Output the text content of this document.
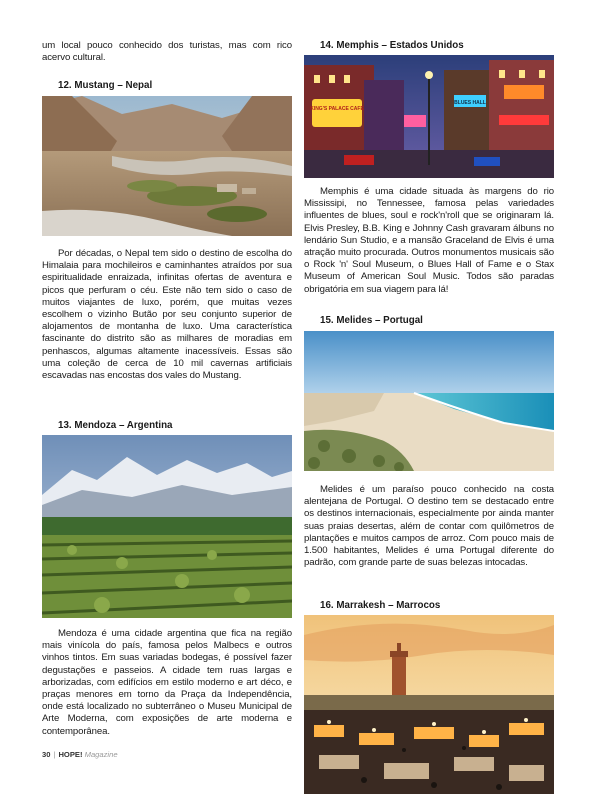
um local pouco conhecido dos turistas, mas com rico acervo cultural.

12. Mustang – Nepal

Por décadas, o Nepal tem sido o destino de escolha do Himalaia para mochileiros e caminhantes atraídos por sua espiritualidade enraizada, infinitas ofertas de aventura e picos que perfuram o céu. Este não tem sido o caso de muitos viajantes de luxo, porém, que muitas vezes escolhem o vizinho Butão por seu conjunto superior de alojamentos de montanha de luxo. Uma característica fascinante do distrito são as milhares de moradias em penhascos, algumas altamente inacessíveis. Essas são uma coleção de cerca de 10 mil cavernas artificiais escavadas nas encostas dos vales do Mustang.

13. Mendoza – Argentina

Mendoza é uma cidade argentina que fica na região mais vinícola do país, famosa pelos Malbecs e outros vinhos tintos. Em suas variadas bodegas, é possível fazer degustações e passeios. A cidade tem ruas largas e arborizadas, com edifícios em estilo moderno e art déco, e praças menores em torno da Praça da Independência, onde está localizado no subterrâneo o Museu Municipal de Arte Moderna, com exposições de arte moderna e contemporânea.

14. Memphis – Estados Unidos
KING'S PALACE CAFE
BLUES HALL

Memphis é uma cidade situada às margens do rio Mississipi, no Tennessee, famosa pelas variedades influentes de blues, soul e rock'n'roll que se originaram lá. Elvis Presley, B.B. King e Johnny Cash gravaram álbuns no lendário Sun Studio, e a mansão Graceland de Elvis é uma atração muito procurada. Outros monumentos musicais são o Rock 'n' Soul Museum, o Blues Hall of Fame e o Stax Museum of American Soul Music. Todos são paradas obrigatória em sua viagem para lá!

15. Melides – Portugal

Melides é um paraíso pouco conhecido na costa alentejana de Portugal. O destino tem se destacado entre os destinos internacionais, especialmente por ainda manter suas praias desertas, além de contar com quilômetros de plantações e muitos campos de arroz. Com pouco mais de 1.500 habitantes, Melides é uma Portugal diferente do padrão, com grande parte de suas belezas intocadas.

16. Marrakesh – Marrocos
30 | HOPE! Magazine
